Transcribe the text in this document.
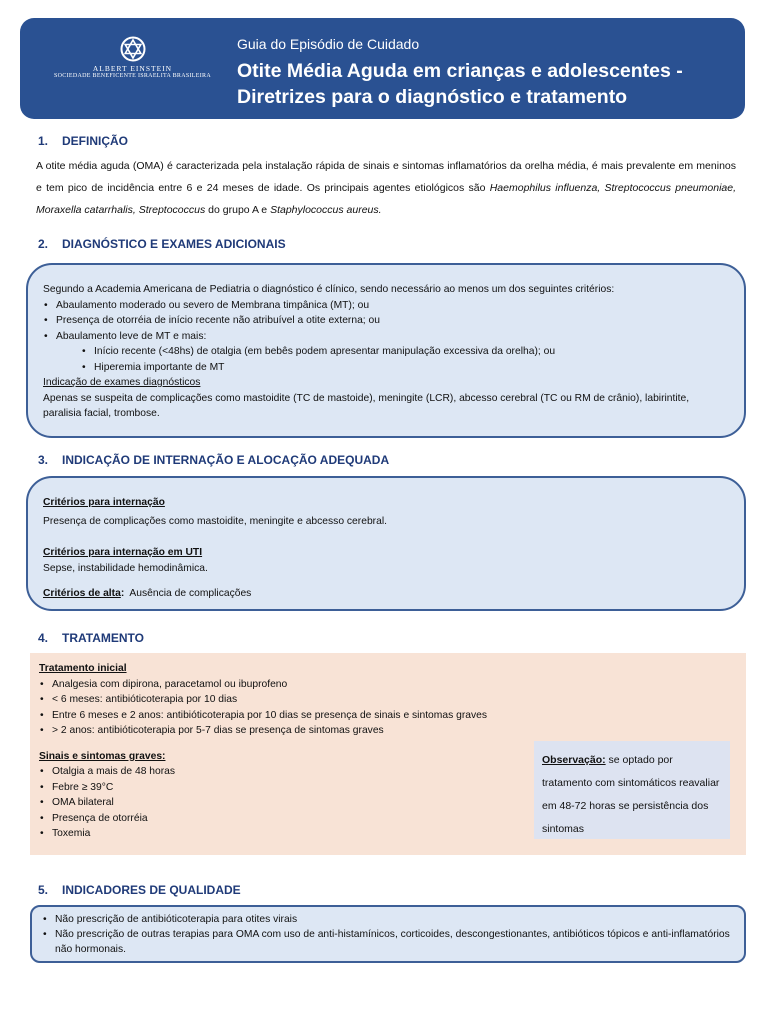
ALBERT EINSTEIN
SOCIEDADE BENEFICENTE ISRAELITA BRASILEIRA
Guia do Episódio de Cuidado
Otite Média Aguda em crianças e adolescentes -
Diretrizes para o diagnóstico e tratamento
1. DEFINIÇÃO
A otite média aguda (OMA) é caracterizada pela instalação rápida de sinais e sintomas inflamatórios da orelha média, é mais prevalente em meninos e tem pico de incidência entre 6 e 24 meses de idade. Os principais agentes etiológicos são Haemophilus influenza, Streptococcus pneumoniae, Moraxella catarrhalis, Streptococcus do grupo A e Staphylococcus aureus.
2. DIAGNÓSTICO E EXAMES ADICIONAIS
Segundo a Academia Americana de Pediatria o diagnóstico é clínico, sendo necessário ao menos um dos seguintes critérios:
• Abaulamento moderado ou severo de Membrana timpânica (MT); ou
• Presença de otorréia de início recente não atribuível a otite externa; ou
• Abaulamento leve de MT e mais:
• Início recente (<48hs) de otalgia (em bebês podem apresentar manipulação excessiva da orelha); ou
• Hiperemia importante de MT
Indicação de exames diagnósticos
Apenas se suspeita de complicações como mastoidite (TC de mastoide), meningite (LCR), abcesso cerebral (TC ou RM de crânio), labirintite, paralisia facial, trombose.
3. INDICAÇÃO DE INTERNAÇÃO E ALOCAÇÃO ADEQUADA
Critérios para internação
Presença de complicações como mastoidite, meningite e abcesso cerebral.
Critérios para internação em UTI
Sepse, instabilidade hemodinâmica.
Critérios de alta: Ausência de complicações
4. TRATAMENTO
Tratamento inicial
• Analgesia com dipirona, paracetamol ou ibuprofeno
• < 6 meses: antibióticoterapia por 10 dias
• Entre 6 meses e 2 anos: antibióticoterapia por 10 dias se presença de sinais e sintomas graves
• > 2 anos: antibióticoterapia por 5-7 dias se presença de sintomas graves
Sinais e sintomas graves:
• Otalgia a mais de 48 horas
• Febre ≥ 39°C
• OMA bilateral
• Presença de otorréia
• Toxemia
Observação: se optado por tratamento com sintomáticos reavaliar em 48-72 horas se persistência dos sintomas
5. INDICADORES DE QUALIDADE
• Não prescrição de antibióticoterapia para otites virais
• Não prescrição de outras terapias para OMA com uso de anti-histamínicos, corticoides, descongestionantes, antibióticos tópicos e anti-inflamatórios não hormonais.
